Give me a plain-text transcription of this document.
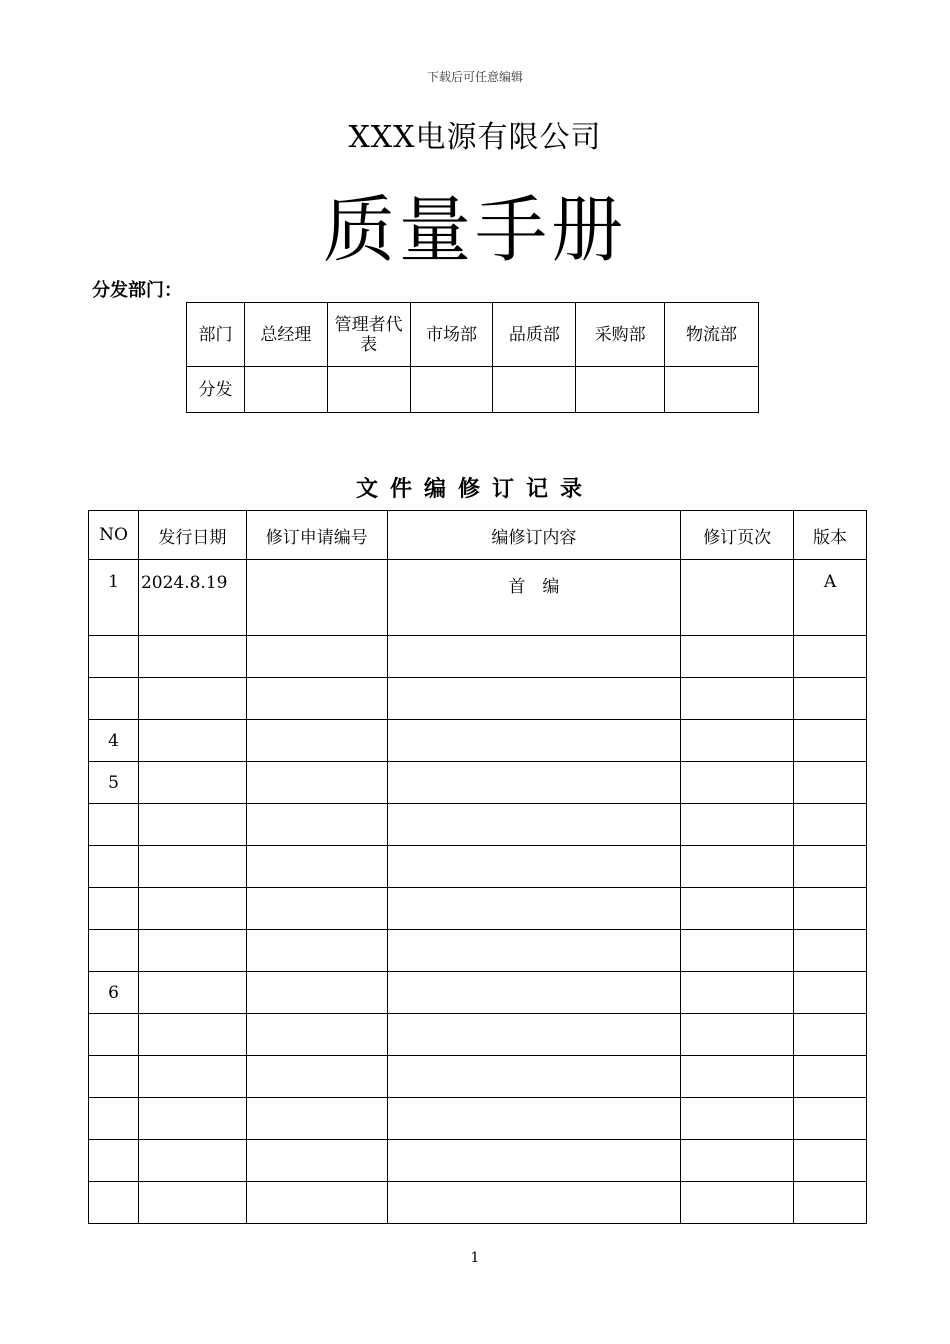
下载后可任意编辑
XXX电源有限公司
质量手册
分发部门：
部门	总经理	管理者代表	市场部	品质部	采购部	物流部
分发						
文件编修订记录
NO	发行日期	修订申请编号	编修订内容	修订页次	版本
1	2024.8.19		首　编		A

4					
5					

6					

1
